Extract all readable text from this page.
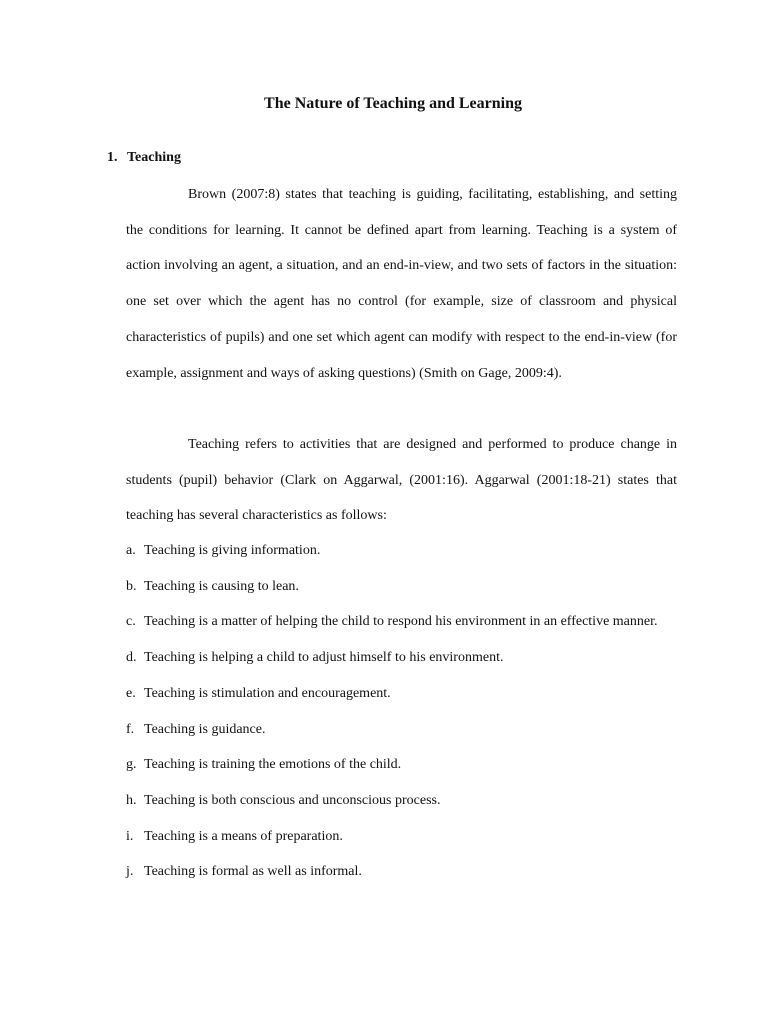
The Nature of Teaching and Learning
1. Teaching

Brown (2007:8) states that teaching is guiding, facilitating, establishing, and setting the conditions for learning. It cannot be defined apart from learning. Teaching is a system of action involving an agent, a situation, and an end-in-view, and two sets of factors in the situation: one set over which the agent has no control (for example, size of classroom and physical characteristics of pupils) and one set which agent can modify with respect to the end-in-view (for example, assignment and ways of asking questions) (Smith on Gage, 2009:4).

Teaching refers to activities that are designed and performed to produce change in students (pupil) behavior (Clark on Aggarwal, (2001:16). Aggarwal (2001:18-21) states that teaching has several characteristics as follows:

a. Teaching is giving information.
b. Teaching is causing to lean.
c. Teaching is a matter of helping the child to respond his environment in an effective manner.
d. Teaching is helping a child to adjust himself to his environment.
e. Teaching is stimulation and encouragement.
f. Teaching is guidance.
g. Teaching is training the emotions of the child.
h. Teaching is both conscious and unconscious process.
i. Teaching is a means of preparation.
j. Teaching is formal as well as informal.
